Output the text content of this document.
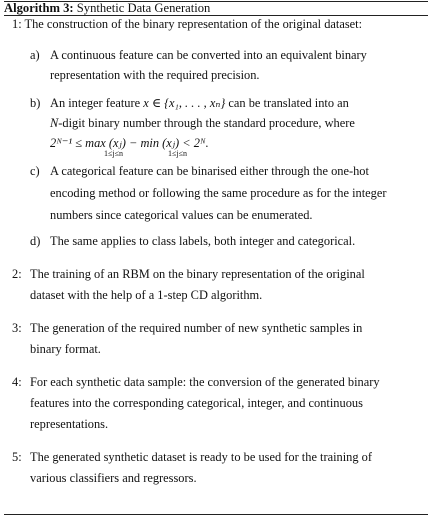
Algorithm 3: Synthetic Data Generation
1: The construction of the binary representation of the original dataset:
a) A continuous feature can be converted into an equivalent binary
representation with the required precision.
b) An integer feature x ∈ {x₁, . . . , xₙ} can be translated into an
N-digit binary number through the standard procedure, where
2ᴺ⁻¹ ≤ max (xⱼ) − min (xⱼ) < 2ᴺ.
1≤j≤n	1≤j≤n
c) A categorical feature can be binarised either through the one-hot
encoding method or following the same procedure as for the integer
numbers since categorical values can be enumerated.
d) The same applies to class labels, both integer and categorical.
2: The training of an RBM on the binary representation of the original
dataset with the help of a 1-step CD algorithm.
3: The generation of the required number of new synthetic samples in
binary format.
4: For each synthetic data sample: the conversion of the generated binary
features into the corresponding categorical, integer, and continuous
representations.
5: The generated synthetic dataset is ready to be used for the training of
various classifiers and regressors.
